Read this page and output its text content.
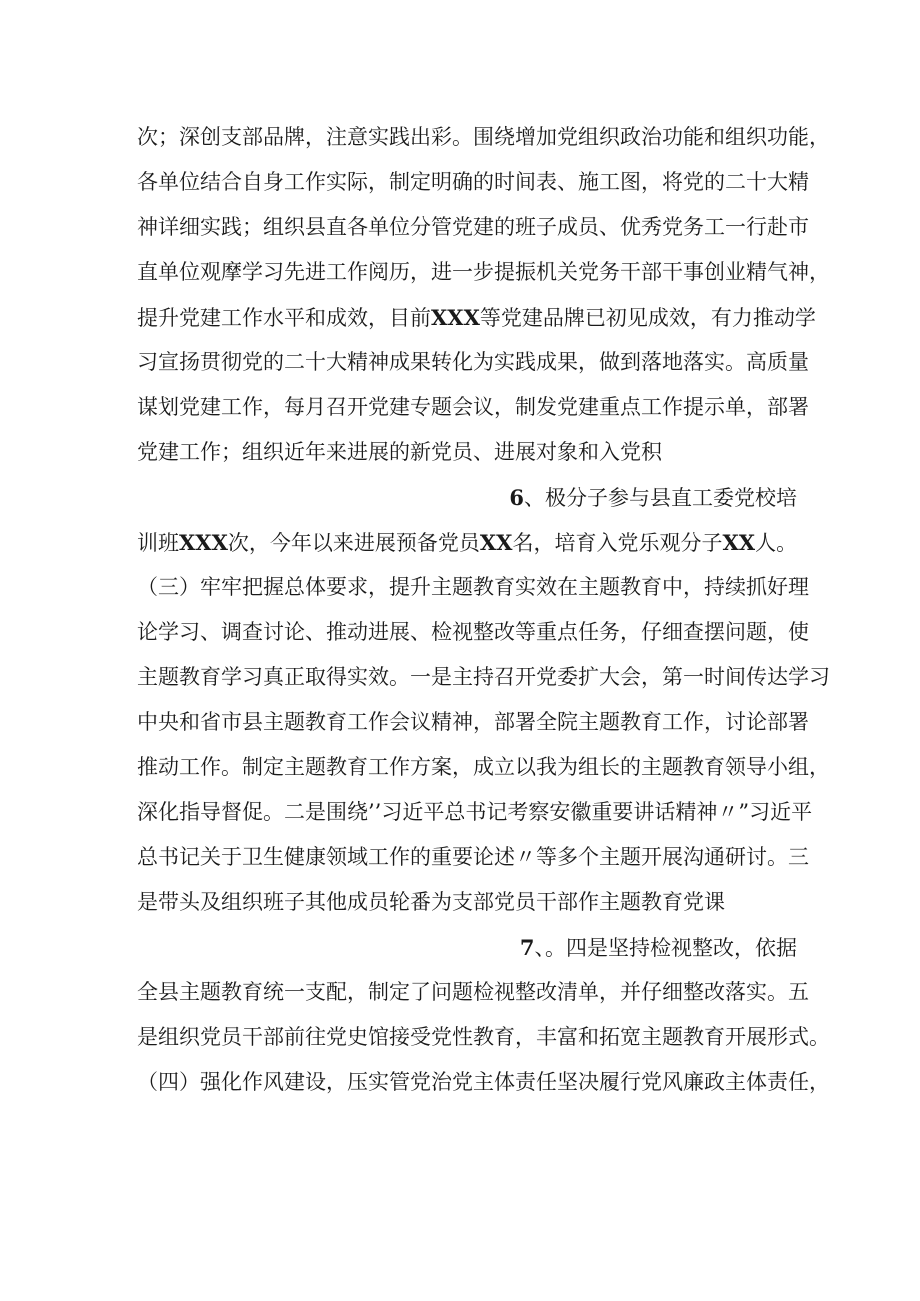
次；深创支部品牌，注意实践出彩。围绕增加党组织政治功能和组织功能，
各单位结合自身工作实际，制定明确的时间表、施工图，将党的二十大精
神详细实践；组织县直各单位分管党建的班子成员、优秀党务工一行赴市
直单位观摩学习先进工作阅历，进一步提振机关党务干部干事创业精气神，
提升党建工作水平和成效，目前XXX等党建品牌已初见成效，有力推动学
习宣扬贯彻党的二十大精神成果转化为实践成果，做到落地落实。高质量
谋划党建工作，每月召开党建专题会议，制发党建重点工作提示单，部署
党建工作；组织近年来进展的新党员、进展对象和入党积
6、极分子参与县直工委党校培
训班XXX次，今年以来进展预备党员XX名，培育入党乐观分子XX人。
（三）牢牢把握总体要求，提升主题教育实效在主题教育中，持续抓好理
论学习、调查讨论、推动进展、检视整改等重点任务，仔细查摆问题，使
主题教育学习真正取得实效。一是主持召开党委扩大会，第一时间传达学习
中央和省市县主题教育工作会议精神，部署全院主题教育工作，讨论部署
推动工作。制定主题教育工作方案，成立以我为组长的主题教育领导小组，
深化指导督促。二是围绕’’习近平总书记考察安徽重要讲话精神〃”习近平
总书记关于卫生健康领域工作的重要论述〃等多个主题开展沟通研讨。三
是带头及组织班子其他成员轮番为支部党员干部作主题教育党课
7、。四是坚持检视整改，依据
全县主题教育统一支配，制定了问题检视整改清单，并仔细整改落实。五
是组织党员干部前往党史馆接受党性教育，丰富和拓宽主题教育开展形式。
（四）强化作风建设，压实管党治党主体责任坚决履行党风廉政主体责任，
